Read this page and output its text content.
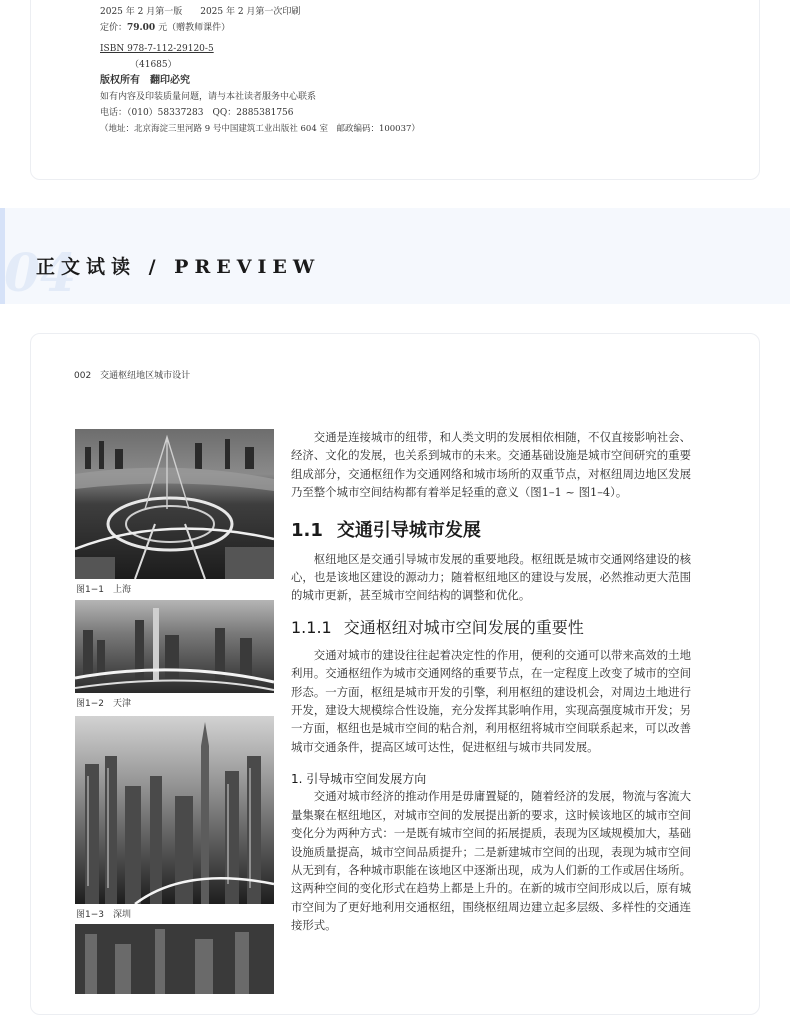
2025 年 2 月第一版　　2025 年 2 月第一次印刷
定价：79.00 元（赠教师课件）
ISBN 978-7-112-29120-5
（41685）
版权所有　翻印必究
如有内容及印装质量问题，请与本社读者服务中心联系
电话：（010）58337283　QQ：2885381756
（地址：北京海淀三里河路 9 号中国建筑工业出版社 604 室　邮政编码：100037）
04
正文试读 / PREVIEW
002　交通枢纽地区城市设计
图1−1　上海
图1−2　天津
图1−3　深圳

交通是连接城市的纽带，和人类文明的发展相依相随，不仅直接影响社会、经济、文化的发展，也关系到城市的未来。交通基础设施是城市空间研究的重要组成部分，交通枢纽作为交通网络和城市场所的双重节点，对枢纽周边地区发展乃至整个城市空间结构都有着举足轻重的意义（图1–1 ~ 图1–4）。

1.1 交通引导城市发展

枢纽地区是交通引导城市发展的重要地段。枢纽既是城市交通网络建设的核心，也是该地区建设的源动力；随着枢纽地区的建设与发展，必然推动更大范围的城市更新，甚至城市空间结构的调整和优化。

1.1.1 交通枢纽对城市空间发展的重要性

交通对城市的建设往往起着决定性的作用，便利的交通可以带来高效的土地利用。交通枢纽作为城市交通网络的重要节点，在一定程度上改变了城市的空间形态。一方面，枢纽是城市开发的引擎，利用枢纽的建设机会，对周边土地进行开发，建设大规模综合性设施，充分发挥其影响作用，实现高强度城市开发；另一方面，枢纽也是城市空间的粘合剂，利用枢纽将城市空间联系起来，可以改善城市交通条件，提高区域可达性，促进枢纽与城市共同发展。

1. 引导城市空间发展方向

交通对城市经济的推动作用是毋庸置疑的，随着经济的发展，物流与客流大量集聚在枢纽地区，对城市空间的发展提出新的要求，这时候该地区的城市空间变化分为两种方式：一是既有城市空间的拓展提质，表现为区域规模加大，基础设施质量提高，城市空间品质提升；二是新建城市空间的出现，表现为城市空间从无到有，各种城市职能在该地区中逐渐出现，成为人们新的工作或居住场所。这两种空间的变化形式在趋势上都是上升的。在新的城市空间形成以后，原有城市空间为了更好地利用交通枢纽，围绕枢纽周边建立起多层级、多样性的交通连接形式。
